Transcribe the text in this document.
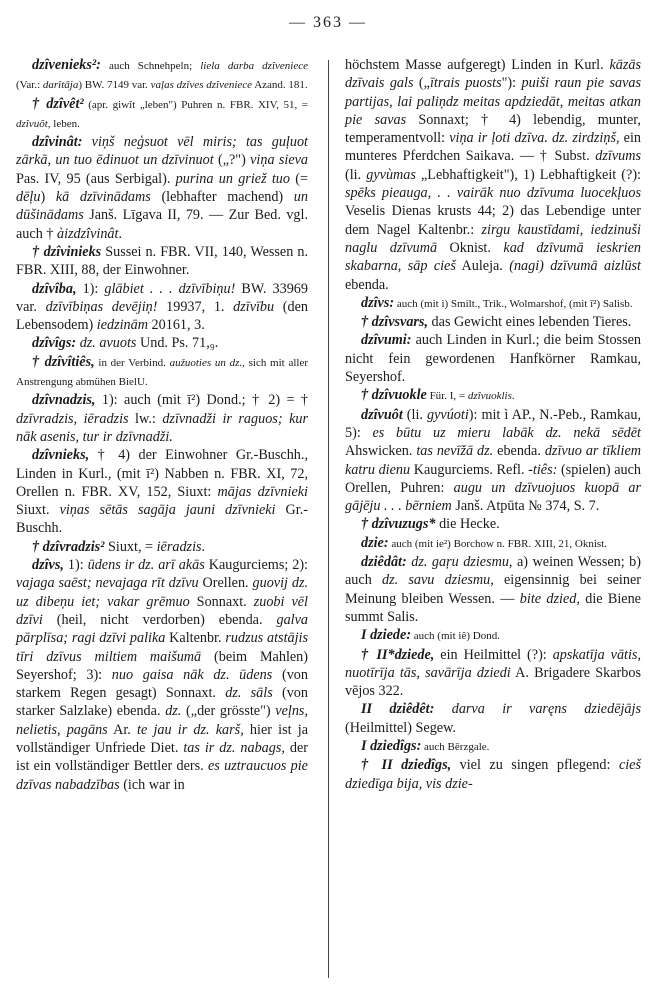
— 363 —

dzîvenieks²: auch Schnehpeln; liela darba dzîveniece (Var.: darîtāja) BW. 7149 var. vaļas dzîves dzîveniece Azand. 181.

† dzîvêt² (apr. giwît „leben") Puhren n. FBR. XIV, 51, = dzîvuôt, leben.

dzîvinât: viņš neģsuot vēl miris; tas guļuot zārkā, un tuo ēdinuot un dzīvinuot („?") viņa sieva Pas. IV, 95 (aus Serbigal). purina un griež tuo (= dēļu) kā dzīvinādams (lebhafter machend) un dūšinādams Janš. Līgava II, 79. — Zur Bed. vgl. auch † àizdzîvinât.

† dzîvinieks Sussei n. FBR. VII, 140, Wessen n. FBR. XIII, 88, der Einwohner.

dzîvîba, 1): glābiet . . . dzīvībiņu! BW. 33969 var. dzīvībiņas devējiņ! 19937, 1. dzīvību (den Lebensodem) iedzinām 20161, 3.

dzîvîgs: dz. avuots Und. Ps. 71,₉.

† dzîvîtiês, in der Verbind. aužuoties un dz., sich mit aller Anstrengung abmühen BielU.

dzîvnadzis, 1): auch (mit ī²) Dond.; † 2) = † dzīvradzis, iēradzis lw.: dzīvnadži ir raguos; kur nāk asenis, tur ir dzīvnadži.

dzîvnieks, † 4) der Einwohner Gr.-Buschh., Linden in Kurl., (mit ī²) Nabben n. FBR. XI, 72, Orellen n. FBR. XV, 152, Siuxt: mājas dzīvnieki Siuxt. viņas sētās sagāja jauni dzīvnieki Gr.-Buschh.

† dzîvradzis² Siuxt, = iēradzis.

dzîvs, 1): ūdens ir dz. arī akās Kaugurciems; 2): vajaga saēst; nevajaga rīt dzīvu Orellen. guovij dz. uz dibeņu iet; vakar grēmuo Sonnaxt. zuobi vēl dzīvi (heil, nicht verdorben) ebenda. galva pārplīsa; ragi dzīvi palika Kaltenbr. rudzus atstājis tīri dzīvus miltiem maišumā (beim Mahlen) Seyershof; 3): nuo gaisa nāk dz. ūdens (von starkem Regen gesagt) Sonnaxt. dz. sāls (von starker Salzlake) ebenda. dz. („der grösste") veļns, nelietis, pagāns Ar. te jau ir dz. karš, hier ist ja vollständiger Unfriede Diet. tas ir dz. nabags, der ist ein vollständiger Bettler ders. es uztraucuos pie dzīvas nabadzības (ich war in

höchstem Masse aufgeregt) Linden in Kurl. kāzās dzīvais gals („ītrais puosts"): puiši raun pie savas partijas, lai paliņdz meitas apdziedāt, meitas atkan pie savas Sonnaxt; † 4) lebendig, munter, temperamentvoll: viņa ir ļoti dzīva. dz. zirdziņš, ein munteres Pferdchen Saikava. — † Subst. dzīvums (li. gyvùmas „Lebhaftigkeit"), 1) Lebhaftigkeit (?): spēks pieauga, . . vairāk nuo dzīvuma luocekļuos Veselis Dienas krusts 44; 2) das Lebendige unter dem Nagel Kaltenbr.: zirgu kaustīdami, iedzinuši naglu dzīvumā Oknist. kad dzīvumā ieskrien skabarna, sāp cieš Auleja. (nagi) dzīvumā aizlūst ebenda.

dzîvs: auch (mit ì) Smilt., Trik., Wolmarshof, (mit ī²) Salisb.

† dzîvsvars, das Gewicht eines lebenden Tieres.

dzîvumi: auch Linden in Kurl.; die beim Stossen nicht fein gewordenen Hanfkörner Ramkau, Seyershof.

† dzîvuokle Für. I, = dzîvuoklis.

dzîvuôt (li. gyvúoti): mit ì AP., N.-Peb., Ramkau, 5): es būtu uz mieru labāk dz. nekā sēdēt Ahswicken. tas nevīžā dz. ebenda. dzīvuo ar tīkliem katru dienu Kaugurciems. Refl. -tiês: (spielen) auch Orellen, Puhren: augu un dzīvuojuos kuopā ar gājēju . . . bērniem Janš. Atpūta № 374, S. 7.

† dzîvuzugs* die Hecke.

dzie: auch (mit ie²) Borchow n. FBR. XIII, 21, Oknist.

dziêdât: dz. gaŗu dziesmu, a) weinen Wessen; b) auch dz. savu dziesmu, eigensinnig bei seiner Meinung bleiben Wessen. — bite dzied, die Biene summt Salis.

I dziede: auch (mit iê) Dond.

† II*dziede, ein Heilmittel (?): apskatīja vātis, nuotīrīja tās, savārīja dziedi A. Brigadere Skarbos vējos 322.

II dziêdêt: darva ir varęns dziedējājs (Heilmittel) Segew.

I dziedîgs: auch Bērzgale.

† II dziedîgs, viel zu singen pflegend: cieš dziedīga bija, vis dzie-
